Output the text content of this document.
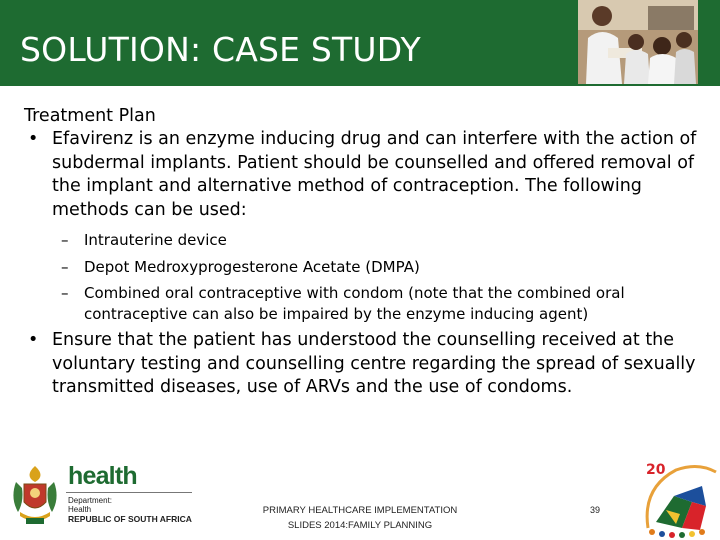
SOLUTION: CASE STUDY
Treatment Plan
• Efavirenz is an enzyme inducing drug and can interfere with the action of subdermal implants. Patient should be counselled and offered removal of the implant and alternative method of contraception. The following methods can be used:
– Intrauterine device
– Depot Medroxyprogesterone Acetate (DMPA)
– Combined oral contraceptive with condom (note that the combined oral contraceptive can also be impaired by the enzyme inducing agent)
• Ensure that the patient has understood the counselling received at the voluntary testing and counselling centre regarding the spread of sexually transmitted diseases, use of ARVs and the use of condoms.
health
Department:
Health
REPUBLIC OF SOUTH AFRICA
PRIMARY HEALTHCARE IMPLEMENTATION
SLIDES 2014:FAMILY PLANNING
39
20
